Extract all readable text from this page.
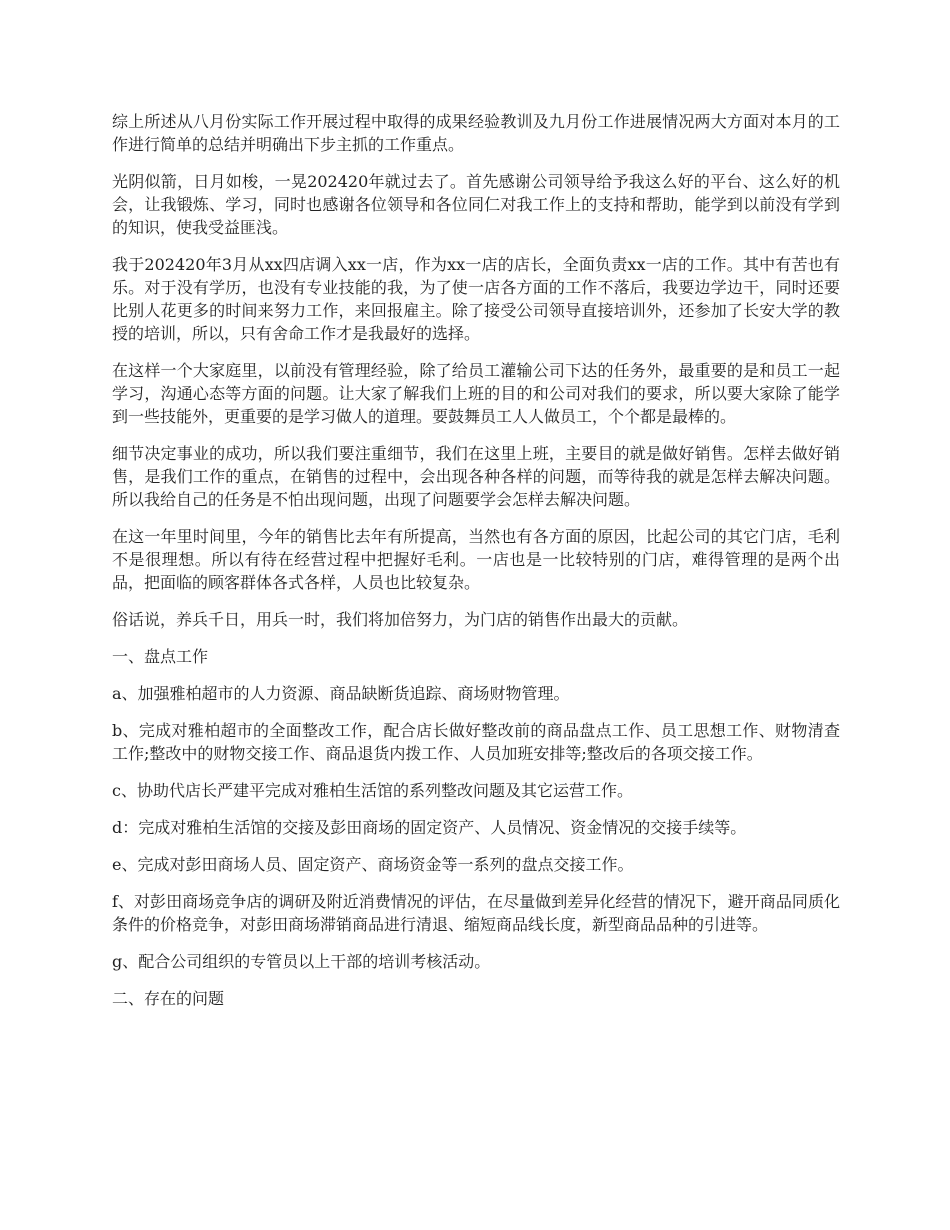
综上所述从八月份实际工作开展过程中取得的成果经验教训及九月份工作进展情况两大方面对本月的工作进行简单的总结并明确出下步主抓的工作重点。

光阴似箭，日月如梭，一晃202420年就过去了。首先感谢公司领导给予我这么好的平台、这么好的机会，让我锻炼、学习，同时也感谢各位领导和各位同仁对我工作上的支持和帮助，能学到以前没有学到的知识，使我受益匪浅。

我于202420年3月从xx四店调入xx一店，作为xx一店的店长，全面负责xx一店的工作。其中有苦也有乐。对于没有学历，也没有专业技能的我，为了使一店各方面的工作不落后，我要边学边干，同时还要比别人花更多的时间来努力工作，来回报雇主。除了接受公司领导直接培训外，还参加了长安大学的教授的培训，所以，只有舍命工作才是我最好的选择。

在这样一个大家庭里，以前没有管理经验，除了给员工灌输公司下达的任务外，最重要的是和员工一起学习，沟通心态等方面的问题。让大家了解我们上班的目的和公司对我们的要求，所以要大家除了能学到一些技能外，更重要的是学习做人的道理。要鼓舞员工人人做员工，个个都是最棒的。

细节决定事业的成功，所以我们要注重细节，我们在这里上班，主要目的就是做好销售。怎样去做好销售，是我们工作的重点，在销售的过程中，会出现各种各样的问题，而等待我的就是怎样去解决问题。所以我给自己的任务是不怕出现问题，出现了问题要学会怎样去解决问题。

在这一年里时间里，今年的销售比去年有所提高，当然也有各方面的原因，比起公司的其它门店，毛利不是很理想。所以有待在经营过程中把握好毛利。一店也是一比较特别的门店，难得管理的是两个出品，把面临的顾客群体各式各样，人员也比较复杂。

俗话说，养兵千日，用兵一时，我们将加倍努力，为门店的销售作出最大的贡献。

一、盘点工作

a、加强雅柏超市的人力资源、商品缺断货追踪、商场财物管理。

b、完成对雅柏超市的全面整改工作，配合店长做好整改前的商品盘点工作、员工思想工作、财物清查工作;整改中的财物交接工作、商品退货内拨工作、人员加班安排等;整改后的各项交接工作。

c、协助代店长严建平完成对雅柏生活馆的系列整改问题及其它运营工作。

d：完成对雅柏生活馆的交接及彭田商场的固定资产、人员情况、资金情况的交接手续等。

e、完成对彭田商场人员、固定资产、商场资金等一系列的盘点交接工作。

f、对彭田商场竞争店的调研及附近消费情况的评估，在尽量做到差异化经营的情况下，避开商品同质化条件的价格竞争，对彭田商场滞销商品进行清退、缩短商品线长度，新型商品品种的引进等。

g、配合公司组织的专管员以上干部的培训考核活动。

二、存在的问题
